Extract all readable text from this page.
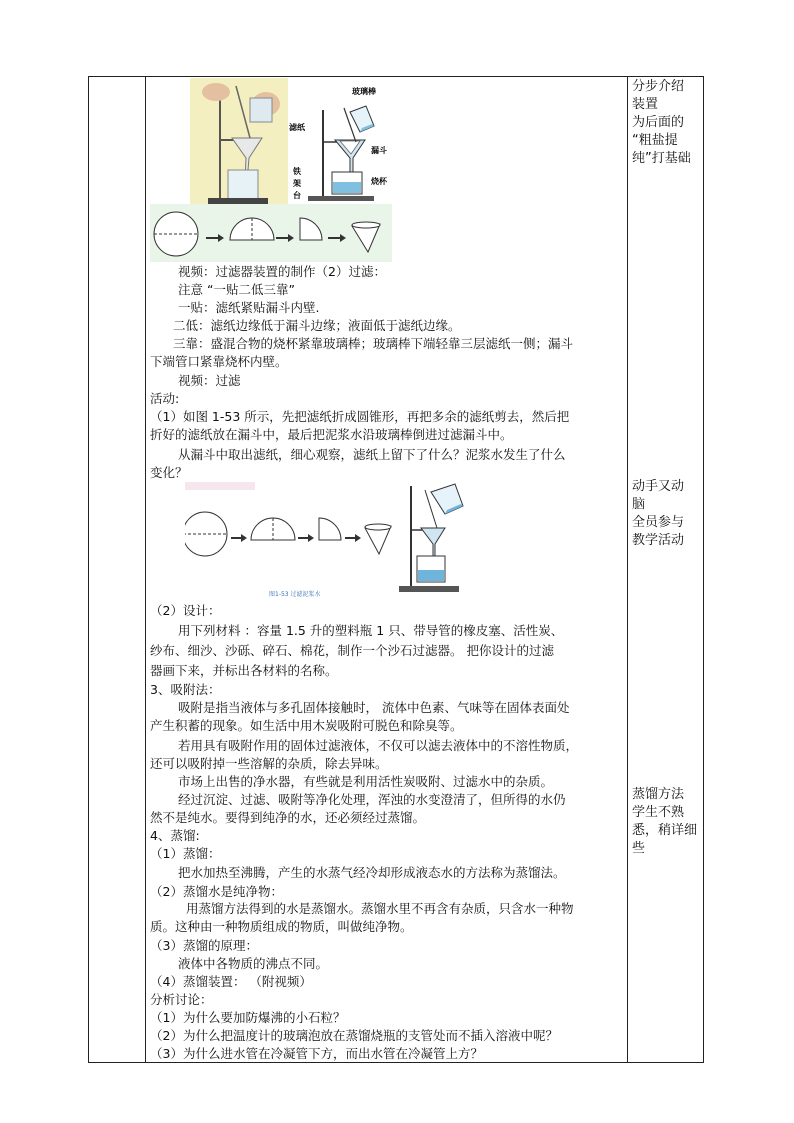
玻璃棒
滤纸
漏斗
铁
架
台
烧杯
视频：过滤器装置的制作（2）过滤：
注意 “一贴二低三靠”
一贴：滤纸紧贴漏斗内壁.
二低：滤纸边缘低于漏斗边缘；液面低于滤纸边缘。
三靠：盛混合物的烧杯紧靠玻璃棒；玻璃棒下端轻靠三层滤纸一侧；漏斗
下端管口紧靠烧杯内壁。
视频：过滤
活动:
（1）如图 1-53 所示，先把滤纸折成圆锥形，再把多余的滤纸剪去，然后把
折好的滤纸放在漏斗中，最后把泥浆水沿玻璃棒倒进过滤漏斗中。
从漏斗中取出滤纸，细心观察，滤纸上留下了什么？泥浆水发生了什么
变化？
图1-53 过滤泥浆水
（2）设计：
用下列材料 ：容量 1.5 升的塑料瓶 1 只、带导管的橡皮塞、活性炭、
纱布、细沙、沙砾、碎石、棉花，制作一个沙石过滤器。 把你设计的过滤
器画下来，并标出各材料的名称。
3、吸附法：
吸附是指当液体与多孔固体接触时， 流体中色素、气味等在固体表面处
产生积蓄的现象。如生活中用木炭吸附可脱色和除臭等。
若用具有吸附作用的固体过滤液体，不仅可以滤去液体中的不溶性物质，
还可以吸附掉一些溶解的杂质，除去异味。
市场上出售的净水器，有些就是利用活性炭吸附、过滤水中的杂质。
经过沉淀、过滤、吸附等净化处理，浑浊的水变澄清了，但所得的水仍
然不是纯水。要得到纯净的水，还必须经过蒸馏。
4、蒸馏:
（1）蒸馏：
把水加热至沸腾，产生的水蒸气经冷却形成液态水的方法称为蒸馏法。
（2）蒸馏水是纯净物：
用蒸馏方法得到的水是蒸馏水。蒸馏水里不再含有杂质，只含水一种物
质。这种由一种物质组成的物质，叫做纯净物。
（3）蒸馏的原理：
液体中各物质的沸点不同。
（4）蒸馏装置： （附视频）
分析讨论：
（1）为什么要加防爆沸的小石粒？
（2）为什么把温度计的玻璃泡放在蒸馏烧瓶的支管处而不插入溶液中呢？
（3）为什么进水管在冷凝管下方，而出水管在冷凝管上方？

分步介绍

装置

为后面的

“粗盐提

纯”打基础

动手又动

脑

全员参与

教学活动

蒸馏方法

学生不熟

悉，稍详细

些
